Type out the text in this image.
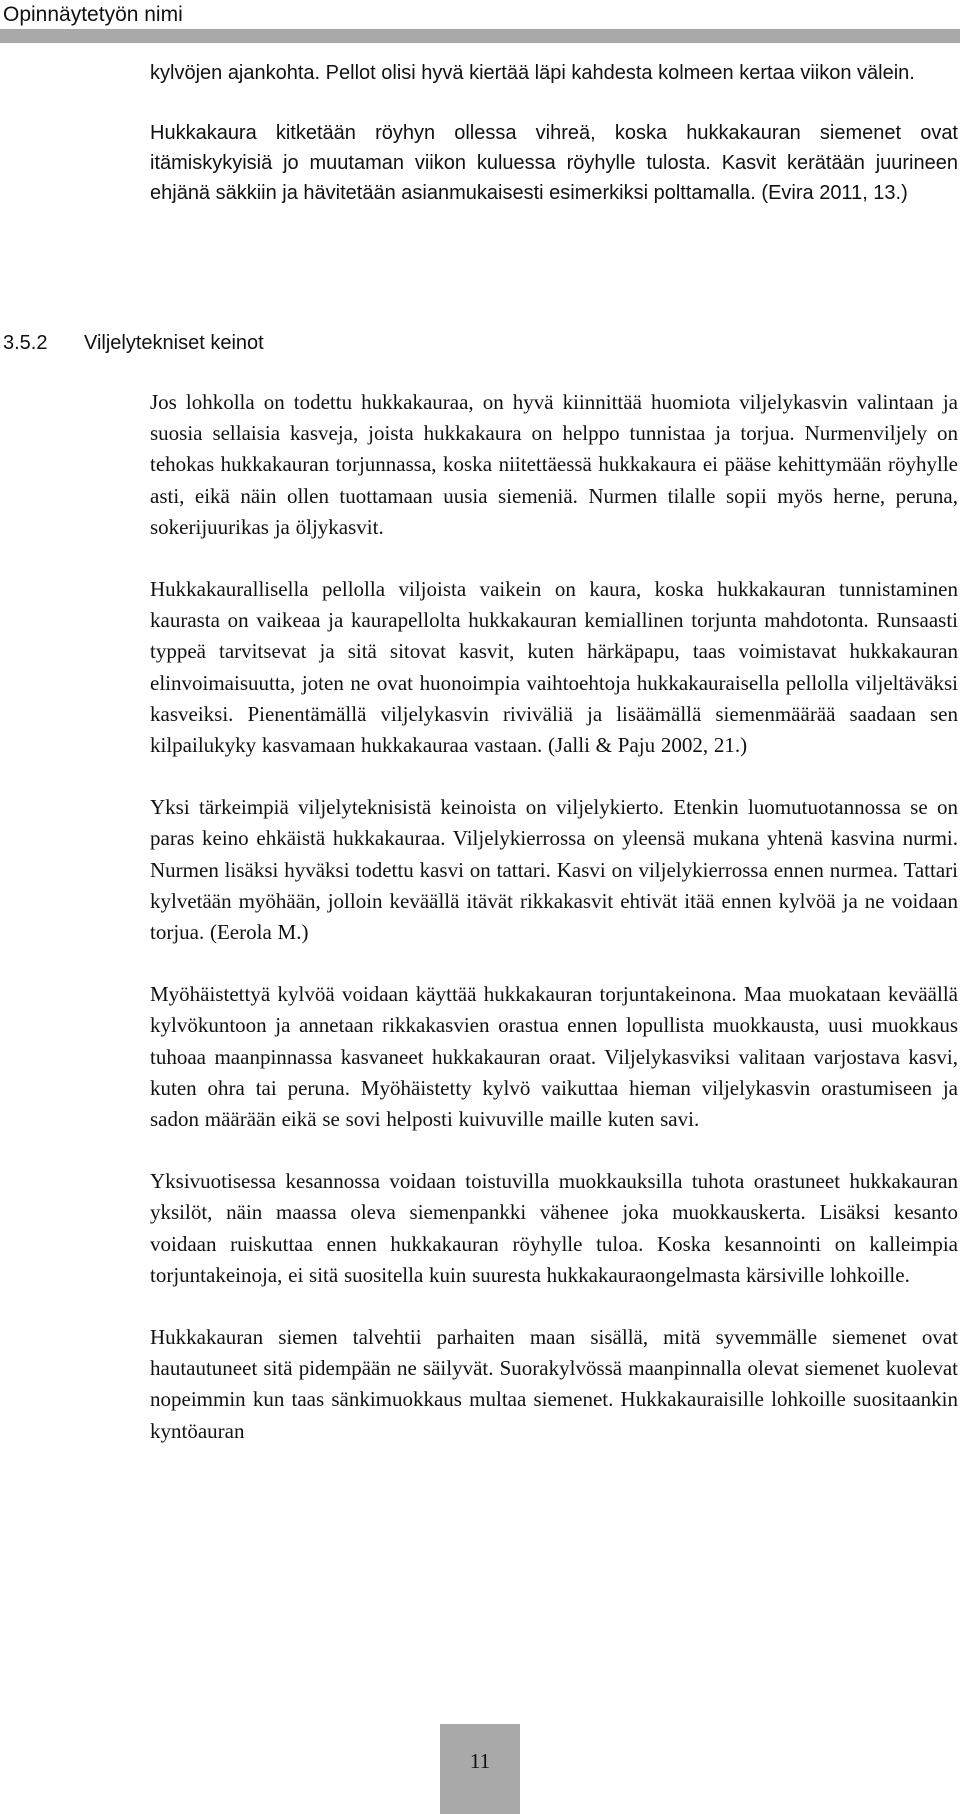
Opinnäytetyön nimi

kylvöjen ajankohta. Pellot olisi hyvä kiertää läpi kahdesta kolmeen kertaa viikon välein.

Hukkakaura kitketään röyhyn ollessa vihreä, koska hukkakauran siemenet ovat itämiskykyisiä jo muutaman viikon kuluessa röyhylle tulosta. Kasvit kerätään juurineen ehjänä säkkiin ja hävitetään asianmukaisesti esimerkiksi polttamalla. (Evira 2011, 13.)

3.5.2 Viljelytekniset keinot

Jos lohkolla on todettu hukkakauraa, on hyvä kiinnittää huomiota viljelykasvin valintaan ja suosia sellaisia kasveja, joista hukkakaura on helppo tunnistaa ja torjua. Nurmenviljely on tehokas hukkakauran torjunnassa, koska niitettäessä hukkakaura ei pääse kehittymään röyhylle asti, eikä näin ollen tuottamaan uusia siemeniä. Nurmen tilalle sopii myös herne, peruna, sokerijuurikas ja öljykasvit.

Hukkakaurallisella pellolla viljoista vaikein on kaura, koska hukkakauran tunnistaminen kaurasta on vaikeaa ja kaurapellolta hukkakauran kemiallinen torjunta mahdotonta. Runsaasti typpeä tarvitsevat ja sitä sitovat kasvit, kuten härkäpapu, taas voimistavat hukkakauran elinvoimaisuutta, joten ne ovat huonoimpia vaihtoehtoja hukkakauraisella pellolla viljeltäväksi kasveiksi. Pienentämällä viljelykasvin riviväliä ja lisäämällä siemenmäärää saadaan sen kilpailukyky kasvamaan hukkakauraa vastaan. (Jalli & Paju 2002, 21.)

Yksi tärkeimpiä viljelyteknisistä keinoista on viljelykierto. Etenkin luomutuotannossa se on paras keino ehkäistä hukkakauraa. Viljelykierrossa on yleensä mukana yhtenä kasvina nurmi. Nurmen lisäksi hyväksi todettu kasvi on tattari. Kasvi on viljelykierrossa ennen nurmea. Tattari kylvetään myöhään, jolloin keväällä itävät rikkakasvit ehtivät itää ennen kylvöä ja ne voidaan torjua. (Eerola M.)

Myöhäistettyä kylvöä voidaan käyttää hukkakauran torjuntakeinona. Maa muokataan keväällä kylvökuntoon ja annetaan rikkakasvien orastua ennen lopullista muokkausta, uusi muokkaus tuhoaa maanpinnassa kasvaneet hukkakauran oraat. Viljelykasviksi valitaan varjostava kasvi, kuten ohra tai peruna. Myöhäistetty kylvö vaikuttaa hieman viljelykasvin orastumiseen ja sadon määrään eikä se sovi helposti kuivuville maille kuten savi.

Yksivuotisessa kesannossa voidaan toistuvilla muokkauksilla tuhota orastuneet hukkakauran yksilöt, näin maassa oleva siemenpankki vähenee joka muokkauskerta. Lisäksi kesanto voidaan ruiskuttaa ennen hukkakauran röyhylle tuloa. Koska kesannointi on kalleimpia torjuntakeinoja, ei sitä suositella kuin suuresta hukkakauraongelmasta kärsiville lohkoille.

Hukkakauran siemen talvehtii parhaiten maan sisällä, mitä syvemmälle siemenet ovat hautautuneet sitä pidempään ne säilyvät. Suorakylvössä maanpinnalla olevat siemenet kuolevat nopeimmin kun taas sänkimuokkaus multaa siemenet. Hukkakauraisille lohkoille suositaankin kyntöauran

11
